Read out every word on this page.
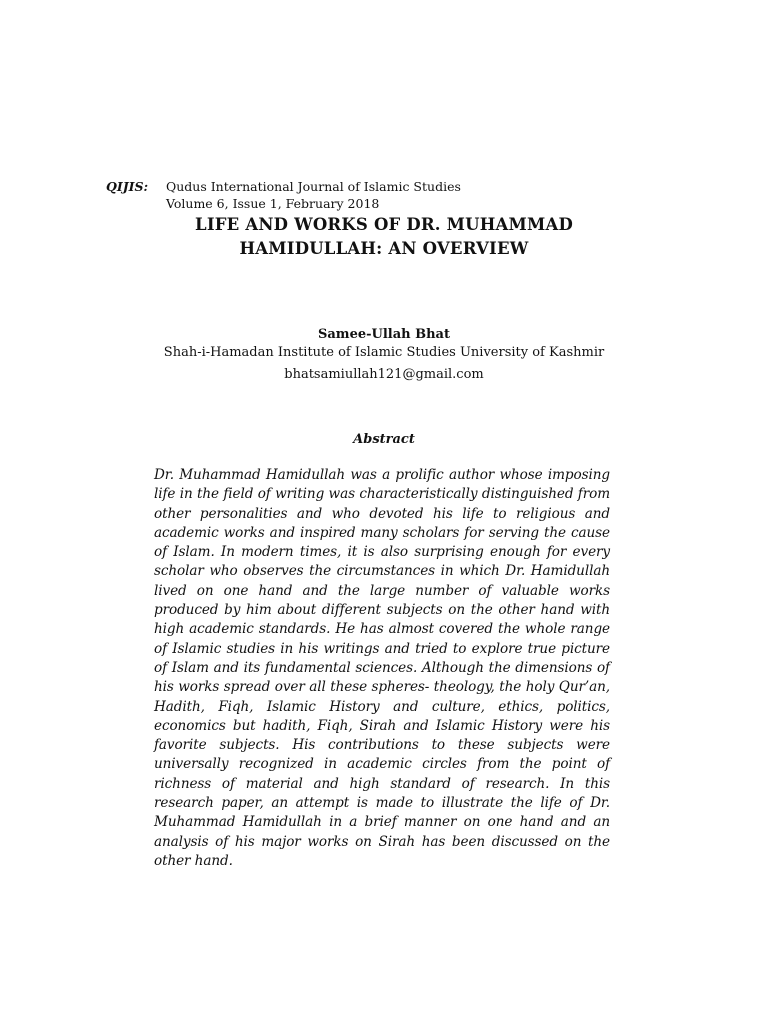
QIJIS: Qudus International Journal of Islamic Studies
Volume 6, Issue 1, February 2018
LIFE AND WORKS OF DR. MUHAMMAD
HAMIDULLAH: AN OVERVIEW
Samee-Ullah Bhat
Shah-i-Hamadan Institute of Islamic Studies University of Kashmir
bhatsamiullah121@gmail.com
Abstract
Dr. Muhammad Hamidullah was a prolific author whose imposing life in the field of writing was characteristically distinguished from other personalities and who devoted his life to religious and academic works and inspired many scholars for serving the cause of Islam. In modern times, it is also surprising enough for every scholar who observes the circumstances in which Dr. Hamidullah lived on one hand and the large number of valuable works produced by him about different subjects on the other hand with high academic standards. He has almost covered the whole range of Islamic studies in his writings and tried to explore true picture of Islam and its fundamental sciences. Although the dimensions of his works spread over all these spheres- theology, the holy Qur’an, Hadith, Fiqh, Islamic History and culture, ethics, politics, economics but hadith, Fiqh, Sirah and Islamic History were his favorite subjects. His contributions to these subjects were universally recognized in academic circles from the point of richness of material and high standard of research. In this research paper, an attempt is made to illustrate the life of Dr. Muhammad Hamidullah in a brief manner on one hand and an analysis of his major works on Sirah has been discussed on the other hand.
